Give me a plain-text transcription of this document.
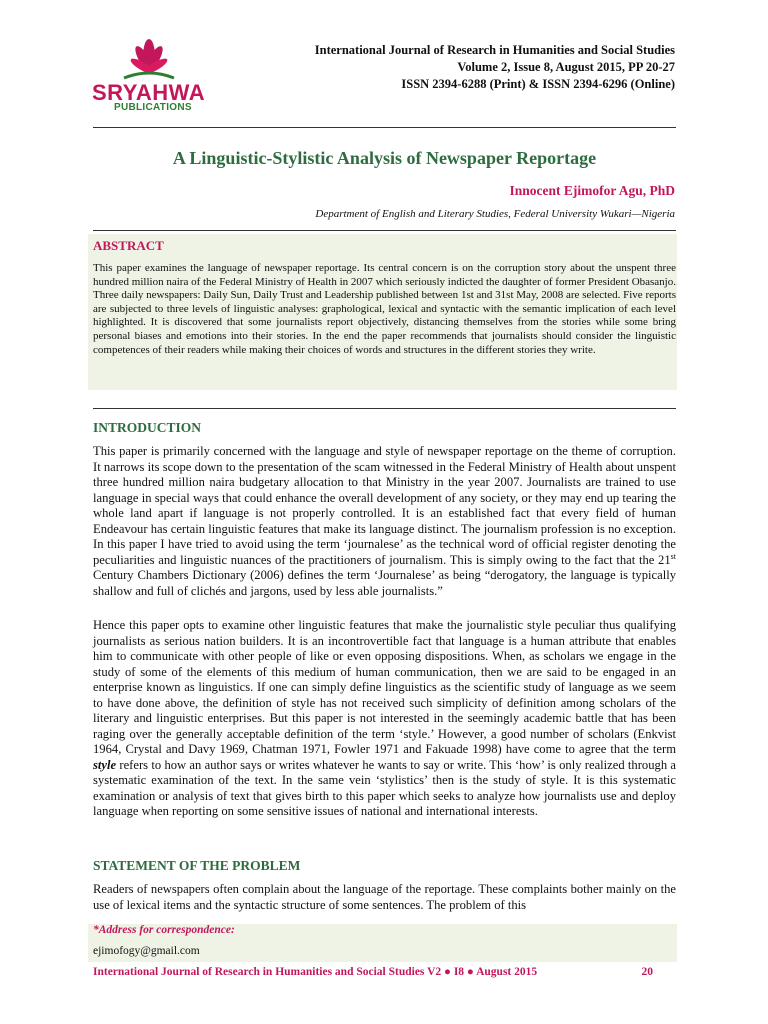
SRYAHWA
PUBLICATIONS
International Journal of Research in Humanities and Social Studies
Volume 2, Issue 8, August 2015, PP 20-27
ISSN 2394-6288 (Print) & ISSN 2394-6296 (Online)
A Linguistic-Stylistic Analysis of Newspaper Reportage
Innocent Ejimofor Agu, PhD
Department of English and Literary Studies, Federal University Wukari—Nigeria
ABSTRACT
This paper examines the language of newspaper reportage. Its central concern is on the corruption story about the unspent three hundred million naira of the Federal Ministry of Health in 2007 which seriously indicted the daughter of former President Obasanjo. Three daily newspapers: Daily Sun, Daily Trust and Leadership published between 1st and 31st May, 2008 are selected. Five reports are subjected to three levels of linguistic analyses: graphological, lexical and syntactic with the semantic implication of each level highlighted. It is discovered that some journalists report objectively, distancing themselves from the stories while some bring personal biases and emotions into their stories. In the end the paper recommends that journalists should consider the linguistic competences of their readers while making their choices of words and structures in the different stories they write.
INTRODUCTION

This paper is primarily concerned with the language and style of newspaper reportage on the theme of corruption. It narrows its scope down to the presentation of the scam witnessed in the Federal Ministry of Health about unspent three hundred million naira budgetary allocation to that Ministry in the year 2007. Journalists are trained to use language in special ways that could enhance the overall development of any society, or they may end up tearing the whole land apart if language is not properly controlled. It is an established fact that every field of human Endeavour has certain linguistic features that make its language distinct. The journalism profession is no exception. In this paper I have tried to avoid using the term ‘journalese’ as the technical word of official register denoting the peculiarities and linguistic nuances of the practitioners of journalism. This is simply owing to the fact that the 21st Century Chambers Dictionary (2006) defines the term ‘Journalese’ as being “derogatory, the language is typically shallow and full of clichés and jargons, used by less able journalists.”

Hence this paper opts to examine other linguistic features that make the journalistic style peculiar thus qualifying journalists as serious nation builders. It is an incontrovertible fact that language is a human attribute that enables him to communicate with other people of like or even opposing dispositions. When, as scholars we engage in the study of some of the elements of this medium of human communication, then we are said to be engaged in an enterprise known as linguistics. If one can simply define linguistics as the scientific study of language as we seem to have done above, the definition of style has not received such simplicity of definition among scholars of the literary and linguistic enterprises. But this paper is not interested in the seemingly academic battle that has been raging over the generally acceptable definition of the term ‘style.’ However, a good number of scholars (Enkvist 1964, Crystal and Davy 1969, Chatman 1971, Fowler 1971 and Fakuade 1998) have come to agree that the term style refers to how an author says or writes whatever he wants to say or write. This ‘how’ is only realized through a systematic examination of the text. In the same vein ‘stylistics’ then is the study of style. It is this systematic examination or analysis of text that gives birth to this paper which seeks to analyze how journalists use and deploy language when reporting on some sensitive issues of national and international interests.

STATEMENT OF THE PROBLEM

Readers of newspapers often complain about the language of the reportage. These complaints bother mainly on the use of lexical items and the syntactic structure of some sentences. The problem of this

*Address for correspondence:
ejimofogy@gmail.com
International Journal of Research in Humanities and Social Studies V2 ● I8 ● August 2015	20
